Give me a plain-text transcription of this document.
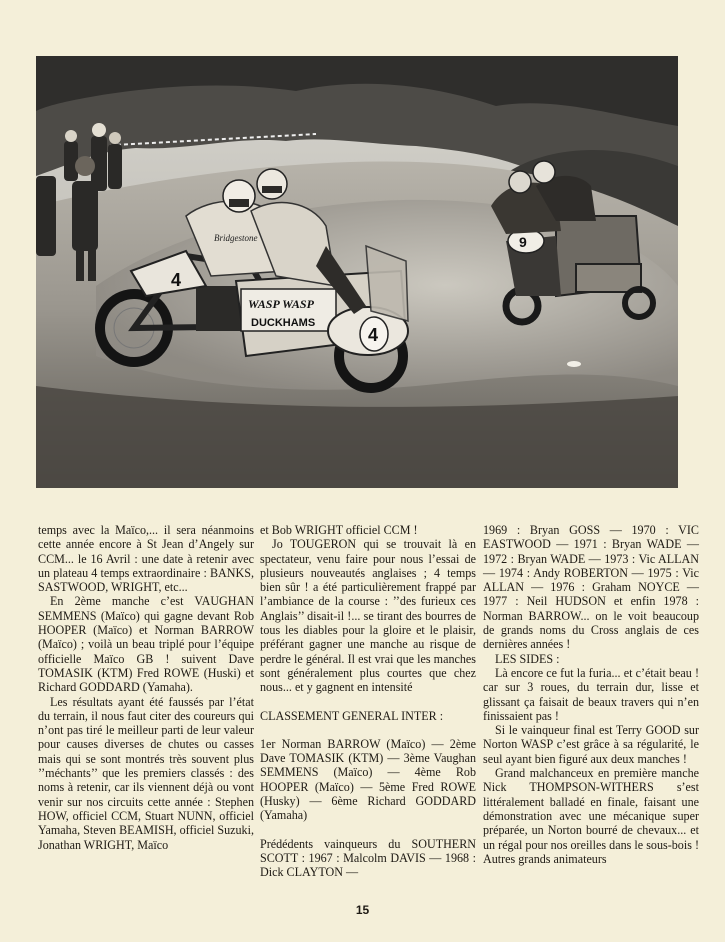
9
4
WASP WASP
DUCKHAMS
4
Bridgestone

temps avec la Maïco,... il sera néanmoins cette année encore à St Jean d’Angely sur CCM... le 16 Avril : une date à retenir avec un plateau 4 temps extraordinaire : BANKS, SASTWOOD, WRIGHT, etc...

En 2ème manche c’est VAUGHAN SEMMENS (Maïco) qui gagne devant Rob HOOPER (Maïco) et Norman BARROW (Maïco) ; voilà un beau triplé pour l’équipe officielle Maïco GB ! suivent Dave TOMASIK (KTM) Fred ROWE (Huski) et Richard GODDARD (Yamaha).

Les résultats ayant été faussés par l’état du terrain, il nous faut citer des coureurs qui n’ont pas tiré le meilleur parti de leur valeur pour causes diverses de chutes ou casses mais qui se sont montrés très souvent plus ’’méchants’’ que les premiers classés : des noms à retenir, car ils viennent déjà ou vont venir sur nos circuits cette année : Stephen HOW, officiel CCM, Stuart NUNN, officiel Yamaha, Steven BEAMISH, officiel Suzuki, Jonathan WRIGHT, Maïco

et Bob WRIGHT officiel CCM !

Jo TOUGERON qui se trouvait là en spectateur, venu faire pour nous l’essai de plusieurs nouveautés anglaises ; 4 temps bien sûr ! a été particulièrement frappé par l’ambiance de la course : ’’des furieux ces Anglais’’ disait-il !... se tirant des bourres de tous les diables pour la gloire et le plaisir, préférant gagner une manche au risque de perdre le général. Il est vrai que les manches sont généralement plus courtes que chez nous... et y gagnent en intensité

CLASSEMENT GENERAL INTER :

1er Norman BARROW (Maïco) — 2ème Dave TOMASIK (KTM) — 3ème Vaughan SEMMENS (Maïco) — 4ème Rob HOOPER (Maïco) — 5ème Fred ROWE (Husky) — 6ème Richard GODDARD (Yamaha)

Prédédents vainqueurs du SOUTHERN SCOTT : 1967 : Malcolm DAVIS — 1968 : Dick CLAYTON —

1969 : Bryan GOSS — 1970 : VIC EASTWOOD — 1971 : Bryan WADE — 1972 : Bryan WADE — 1973 : Vic ALLAN — 1974 : Andy ROBERTON — 1975 : Vic ALLAN — 1976 : Graham NOYCE — 1977 : Neil HUDSON et enfin 1978 : Norman BARROW... on le voit beaucoup de grands noms du Cross anglais de ces dernières années !

LES SIDES :

Là encore ce fut la furia... et c’était beau ! car sur 3 roues, du terrain dur, lisse et glissant ça faisait de beaux travers qui n’en finissaient pas !

Si le vainqueur final est Terry GOOD sur Norton WASP c’est grâce à sa régularité, le seul ayant bien figuré aux deux manches !

Grand malchanceux en première manche Nick THOMPSON-WITHERS s’est littéralement balladé en finale, faisant une démonstration avec une mécanique super préparée, un Norton bourré de chevaux... et un régal pour nos oreilles dans le sous-bois ! Autres grands animateurs

15
